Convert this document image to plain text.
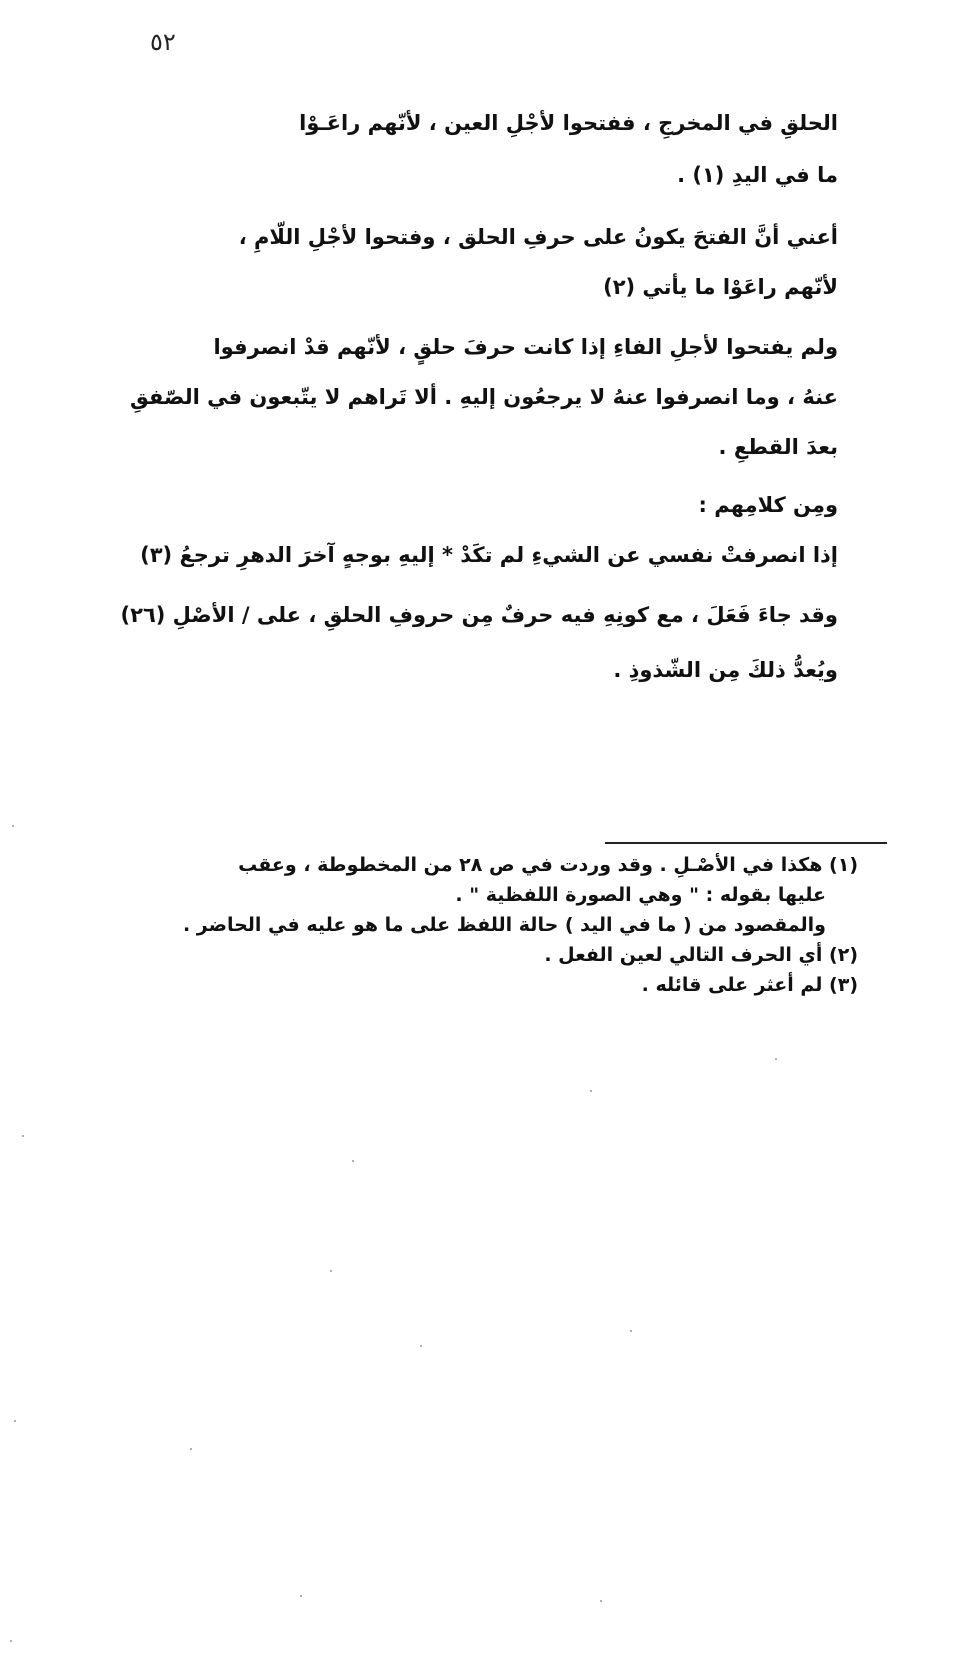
٥٢
الحلقِ في المخرجِ ، ففتحوا لأجْلِ العين ، لأنّهم راعَـوْا
ما في اليدِ (١) .
أعني أنَّ الفتحَ يكونُ على حرفِ الحلق ، وفتحوا لأجْلِ اللّامِ ،
لأنّهم راعَوْا ما يأتي (٢)
ولم يفتحوا لأجلِ الفاءِ إذا كانت حرفَ حلقٍ ، لأنّهم قدْ انصرفوا
عنهُ ، وما انصرفوا عنهُ لا يرجعُون إليهِ . ألا تَراهم لا يتّبعون في الصّفقِ
بعدَ القطعِ .
ومِن كلامِهم :
إذا انصرفتْ نفسي عن الشيءِ لم تكَدْ * إليهِ بوجهٍ آخرَ الدهرِ ترجعُ (٣)
وقد جاءَ فَعَلَ ، مع كونِهِ فيه حرفٌ مِن حروفِ الحلقِ ، على / الأصْلِ (٢٦)
ويُعدُّ ذلكَ مِن الشّذوذِ .
(١) هكذا في الأصْـلِ . وقد وردت في ص ٢٨ من المخطوطة ، وعقب
عليها بقوله : " وهي الصورة اللفظية " .
والمقصود من ( ما في اليد ) حالة اللفظ على ما هو عليه في الحاضر .
(٢) أي الحرف التالي لعين الفعل .
(٣) لم أعثر على قائله .
